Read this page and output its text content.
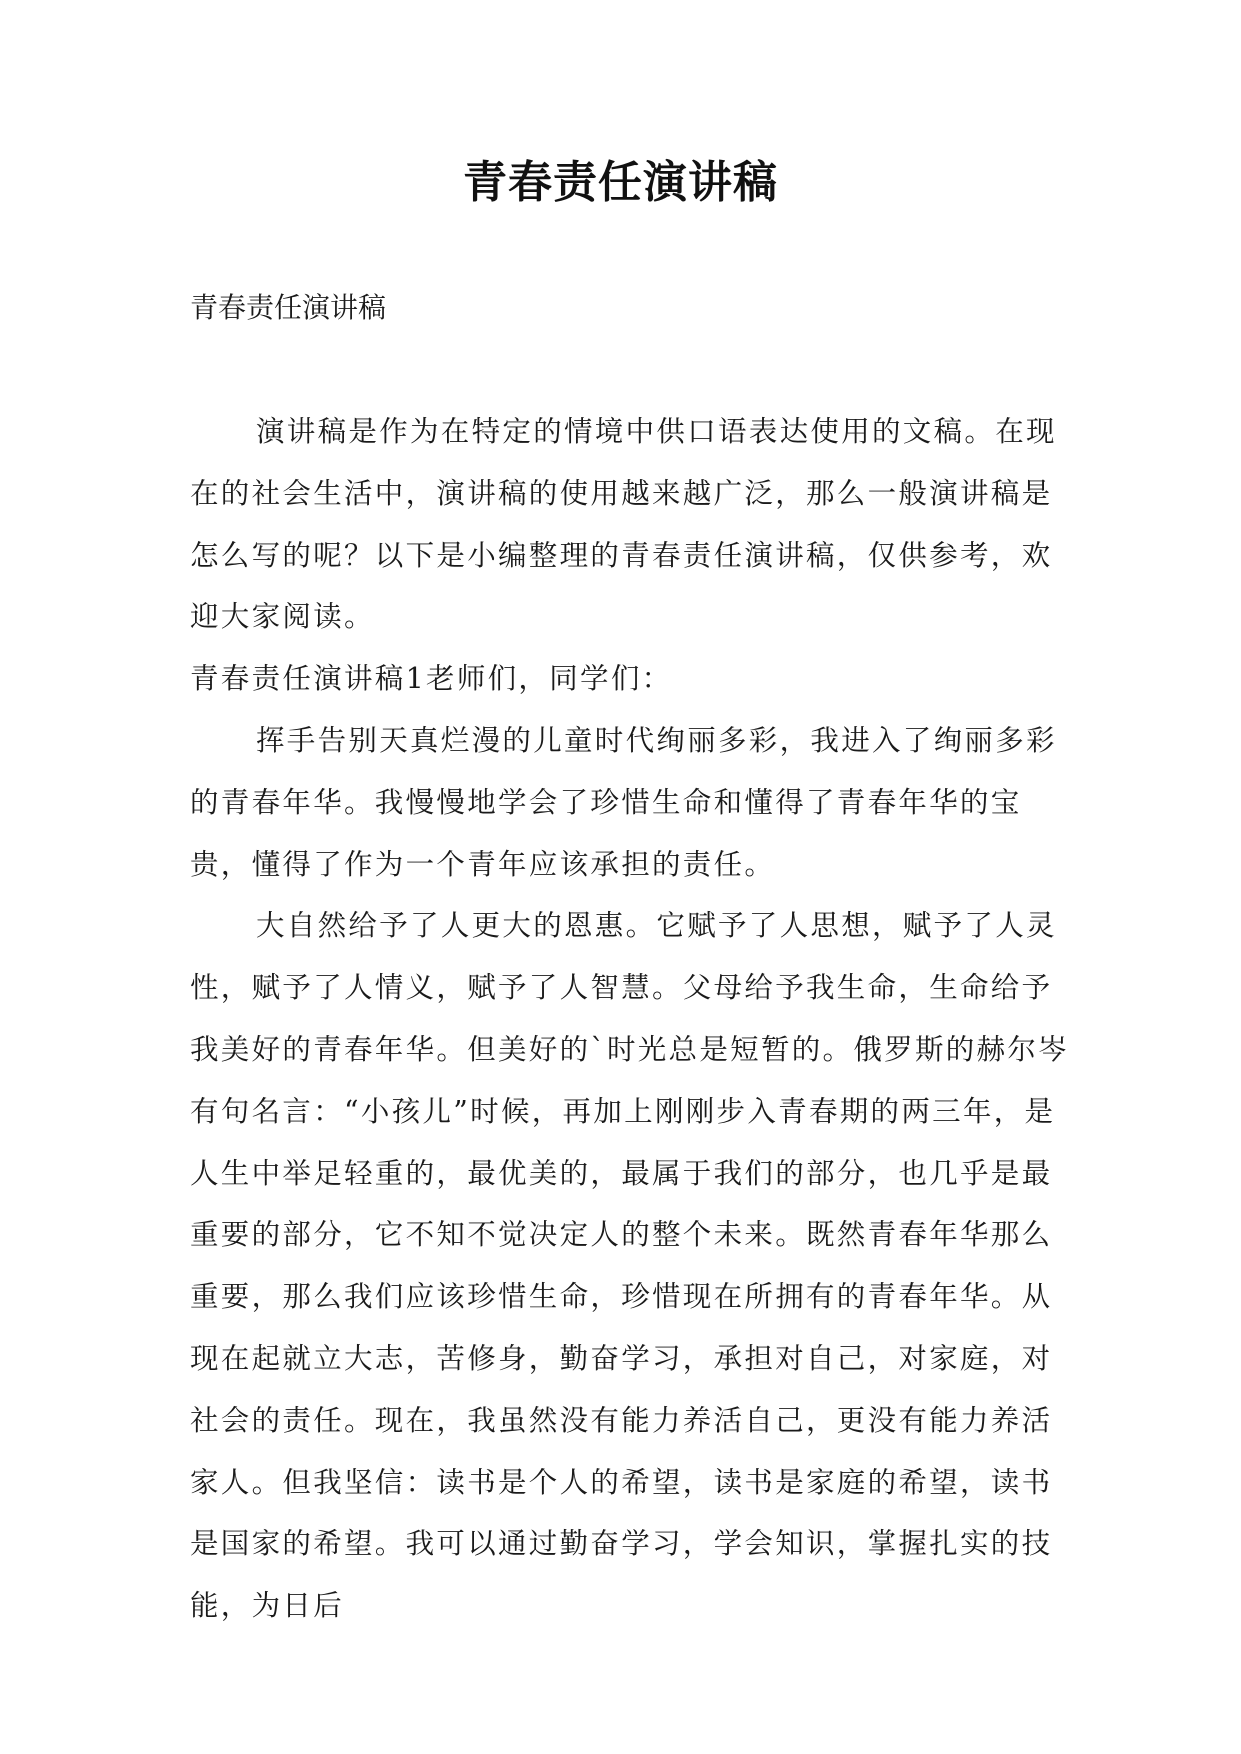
青春责任演讲稿
青春责任演讲稿

演讲稿是作为在特定的情境中供口语表达使用的文稿。在现在的社会生活中，演讲稿的使用越来越广泛，那么一般演讲稿是怎么写的呢？以下是小编整理的青春责任演讲稿，仅供参考，欢迎大家阅读。

青春责任演讲稿1老师们，同学们：

挥手告别天真烂漫的儿童时代绚丽多彩，我进入了绚丽多彩的青春年华。我慢慢地学会了珍惜生命和懂得了青春年华的宝贵，懂得了作为一个青年应该承担的责任。

大自然给予了人更大的恩惠。它赋予了人思想，赋予了人灵性，赋予了人情义，赋予了人智慧。父母给予我生命，生命给予我美好的青春年华。但美好的`时光总是短暂的。俄罗斯的赫尔岑有句名言：“小孩儿”时候，再加上刚刚步入青春期的两三年，是人生中举足轻重的，最优美的，最属于我们的部分，也几乎是最重要的部分，它不知不觉决定人的整个未来。既然青春年华那么重要，那么我们应该珍惜生命，珍惜现在所拥有的青春年华。从现在起就立大志，苦修身，勤奋学习，承担对自己，对家庭，对社会的责任。现在，我虽然没有能力养活自己，更没有能力养活家人。但我坚信：读书是个人的希望，读书是家庭的希望，读书是国家的希望。我可以通过勤奋学习，学会知识，掌握扎实的技能，为日后
